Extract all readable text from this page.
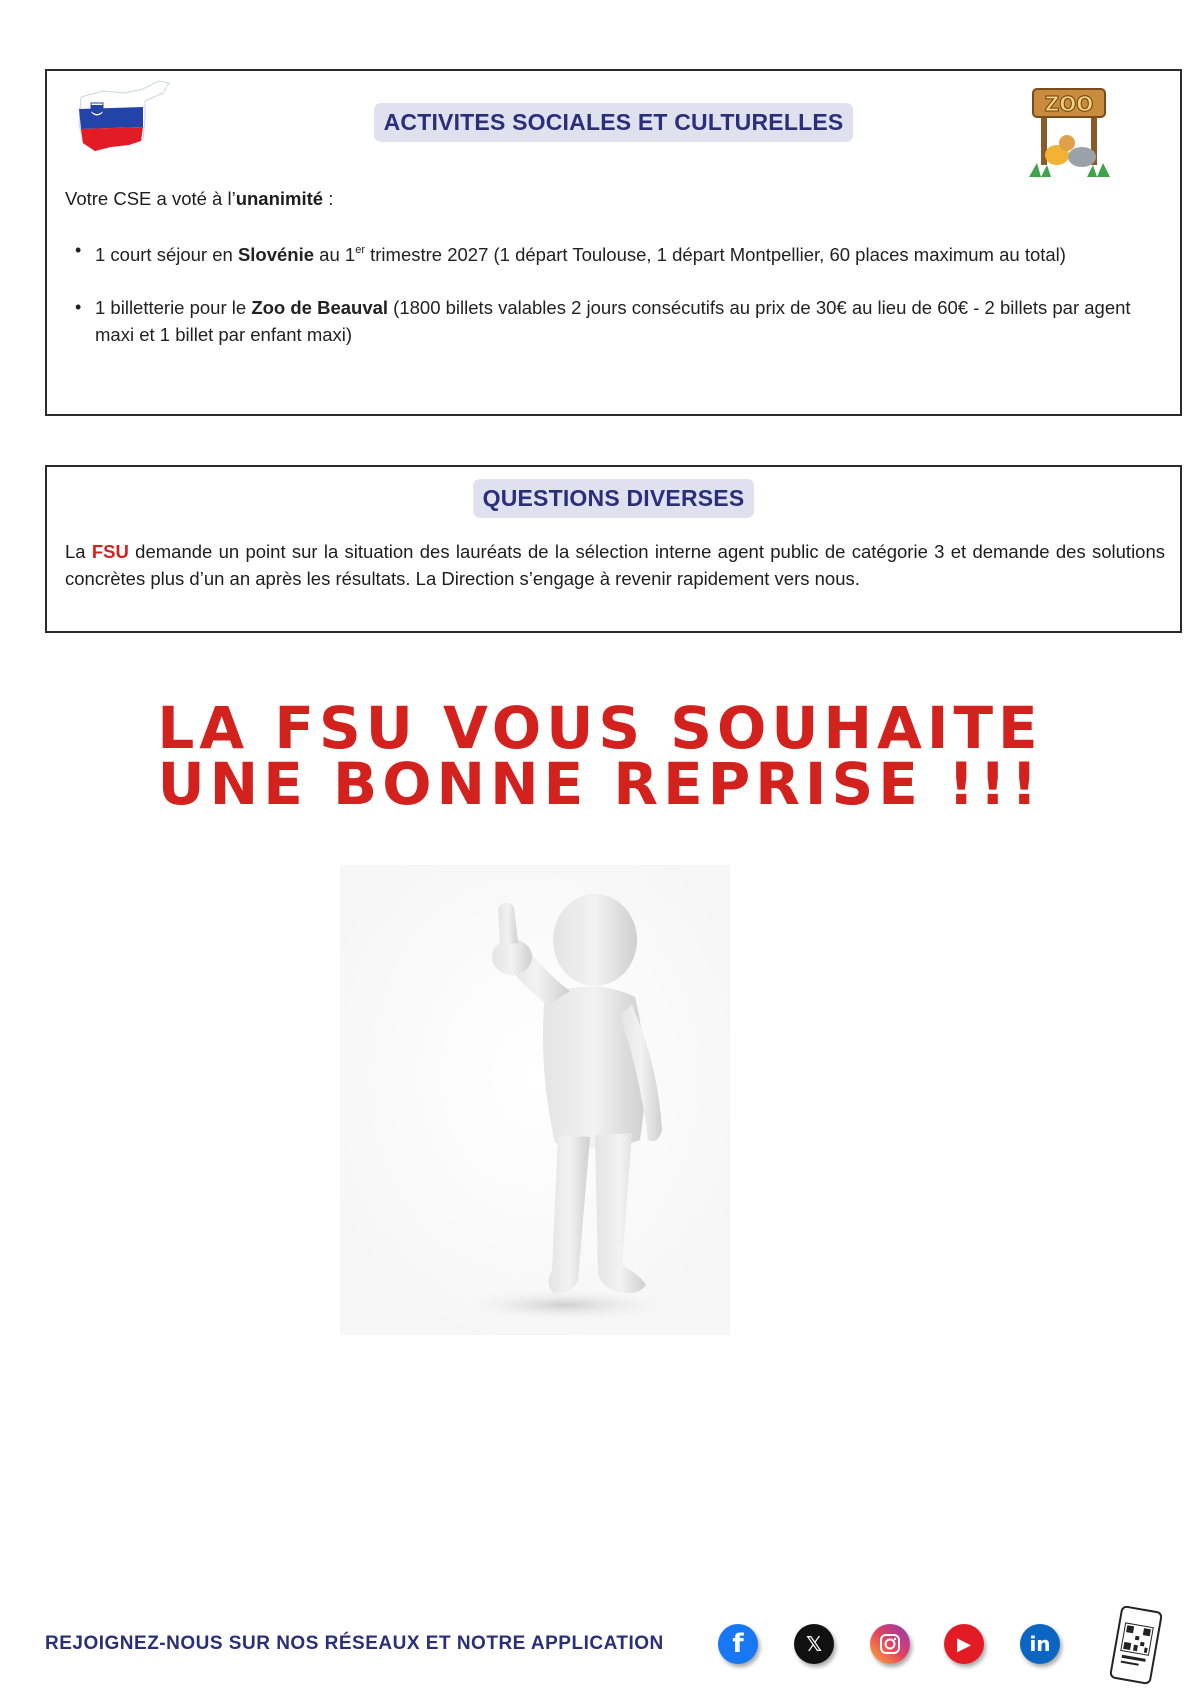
ACTIVITES SOCIALES ET CULTURELLES
ZOO
Votre CSE a voté à l’unanimité :
• 1 court séjour en Slovénie au 1er trimestre 2027 (1 départ Toulouse, 1 départ Montpellier, 60 places maximum au total)
• 1 billetterie pour le Zoo de Beauval (1800 billets valables 2 jours consécutifs au prix de 30€ au lieu de 60€ - 2 billets par agent maxi et 1 billet par enfant maxi)
QUESTIONS DIVERSES
La FSU demande un point sur la situation des lauréats de la sélection interne agent public de catégorie 3 et demande des solutions concrètes plus d’un an après les résultats. La Direction s’engage à revenir rapidement vers nous.
LA FSU VOUS SOUHAITE
UNE BONNE REPRISE !!!
REJOIGNEZ-NOUS SUR NOS RÉSEAUX ET NOTRE APPLICATION	f	𝕏	▶	in
